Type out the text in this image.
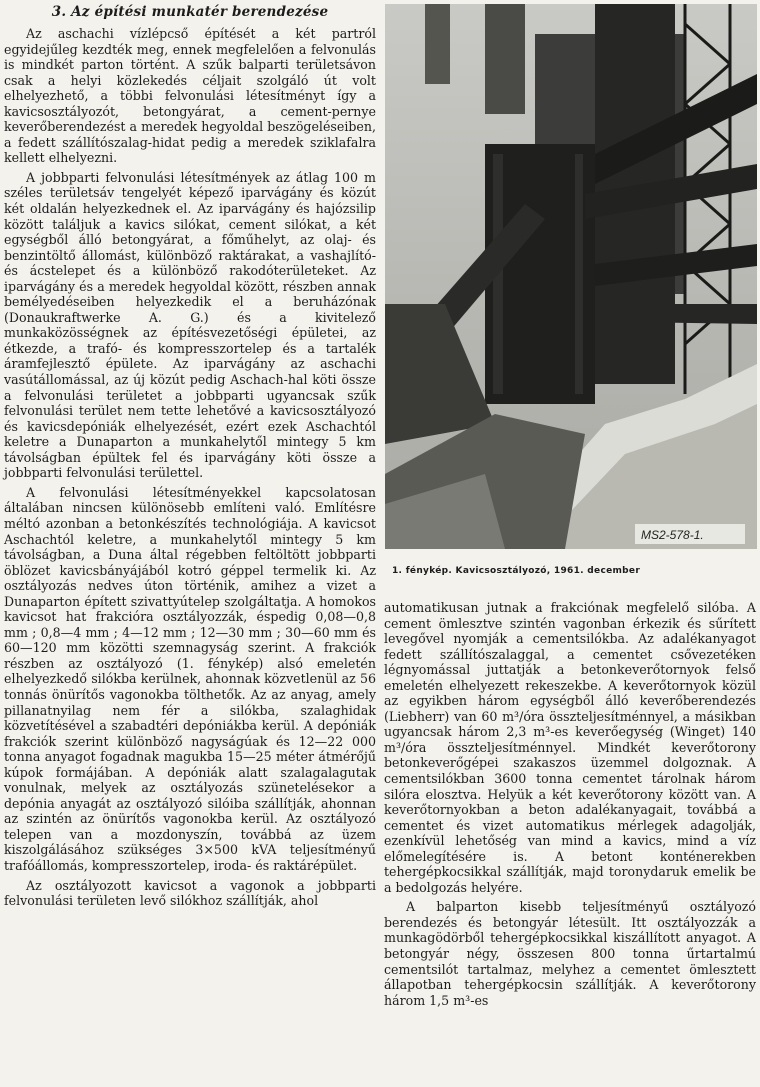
3. Az építési munkatér berendezése

Az aschachi vízlépcső építését a két partról egyidejűleg kezdték meg, ennek megfelelően a felvonulás is mindkét parton történt. A szűk balparti területsávon csak a helyi közlekedés céljait szolgáló út volt elhelyezhető, a többi felvonulási létesítményt így a kavicsosztályozót, betongyárat, a cement-pernye keverőberendezést a meredek hegyoldal beszögeléseiben, a fedett szállítószalag-hidat pedig a meredek sziklafalra kellett elhelyezni.

A jobbparti felvonulási létesítmények az átlag 100 m széles területsáv tengelyét képező iparvágány és közút két oldalán helyezkednek el. Az iparvágány és hajózsilip között találjuk a kavics silókat, cement silókat, a két egységből álló betongyárat, a főműhelyt, az olaj- és benzintöltő állomást, különböző raktárakat, a vashajlító- és ácstelepet és a különböző rakodóterületeket. Az iparvágány és a meredek hegyoldal között, részben annak bemélyedéseiben helyezkedik el a beruházónak (Donaukraftwerke A. G.) és a kivitelező munkaközösségnek az építésvezetőségi épületei, az étkezde, a trafó- és kompresszortelep és a tartalék áramfejlesztő épülete. Az iparvágány az aschachi vasútállomással, az új közút pedig Aschach-hal köti össze a felvonulási területet a jobbparti ugyancsak szűk felvonulási terület nem tette lehetővé a kavicsosztályozó és kavicsdepóniák elhelyezését, ezért ezek Aschachtól keletre a Dunaparton a munkahelytől mintegy 5 km távolságban épültek fel és iparvágány köti össze a jobbparti felvonulási területtel.

A felvonulási létesítményekkel kapcsolatosan általában nincsen különösebb említeni való. Említésre méltó azonban a betonkészítés technológiája. A kavicsot Aschachtól keletre, a munkahelytől mintegy 5 km távolságban, a Duna által régebben feltöltött jobbparti öblözet kavicsbányájából kotró géppel termelik ki. Az osztályozás nedves úton történik, amihez a vizet a Dunaparton épített szivattyútelep szolgáltatja. A homokos kavicsot hat frakcióra osztályozzák, éspedig 0,08—0,8 mm ; 0,8—4 mm ; 4—12 mm ; 12—30 mm ; 30—60 mm és 60—120 mm közötti szemnagyság szerint. A frakciók részben az osztályozó (1. fénykép) alsó emeletén elhelyezkedő silókba kerülnek, ahonnak közvetlenül az 56 tonnás önürítős vagonokba tölthetők. Az az anyag, amely pillanatnyilag nem fér a silókba, szalaghidak közvetítésével a szabadtéri depóniákba kerül. A depóniák frakciók szerint különböző nagyságúak és 12—22 000 tonna anyagot fogadnak magukba 15—25 méter átmérőjű kúpok formájában. A depóniák alatt szalagalagutak vonulnak, melyek az osztályozás szünetelésekor a depónia anyagát az osztályozó silóiba szállítják, ahonnan az szintén az önürítős vagonokba kerül. Az osztályozó telepen van a mozdonyszín, továbbá az üzem kiszolgálásához szükséges 3×500 kVA teljesítményű trafóállomás, kompresszortelep, iroda- és raktárépület.

Az osztályozott kavicsot a vagonok a jobbparti felvonulási területen levő silókhoz szállítják, ahol

MS2-578-1.
1. fénykép. Kavicsosztályozó, 1961. december

automatikusan jutnak a frakciónak megfelelő silóba. A cement ömlesztve szintén vagonban érkezik és sűrített levegővel nyomják a cementsilókba. Az adalékanyagot fedett szállítószalaggal, a cementet csővezetéken légnyomással juttatják a betonkeverőtornyok felső emeletén elhelyezett rekeszekbe. A keverőtornyok közül az egyikben három egységből álló keverőberendezés (Liebherr) van 60 m³/óra összteljesítménnyel, a másikban ugyancsak három 2,3 m³-es keverőegység (Winget) 140 m³/óra összteljesítménnyel. Mindkét keverőtorony betonkeverőgépei szakaszos üzemmel dolgoznak. A cementsilókban 3600 tonna cementet tárolnak három silóra elosztva. Helyük a két keverőtorony között van. A keverőtornyokban a beton adalékanyagait, továbbá a cementet és vizet automatikus mérlegek adagolják, ezenkívül lehetőség van mind a kavics, mind a víz előmelegítésére is. A betont konténerekben tehergépkocsikkal szállítják, majd toronydaruk emelik be a bedolgozás helyére.

A balparton kisebb teljesítményű osztályozó berendezés és betongyár létesült. Itt osztályozzák a munkagödörből tehergépkocsikkal kiszállított anyagot. A betongyár négy, összesen 800 tonna űrtartalmú cementsilót tartalmaz, melyhez a cementet ömlesztett állapotban tehergépkocsin szállítják. A keverőtorony három 1,5 m³-es
